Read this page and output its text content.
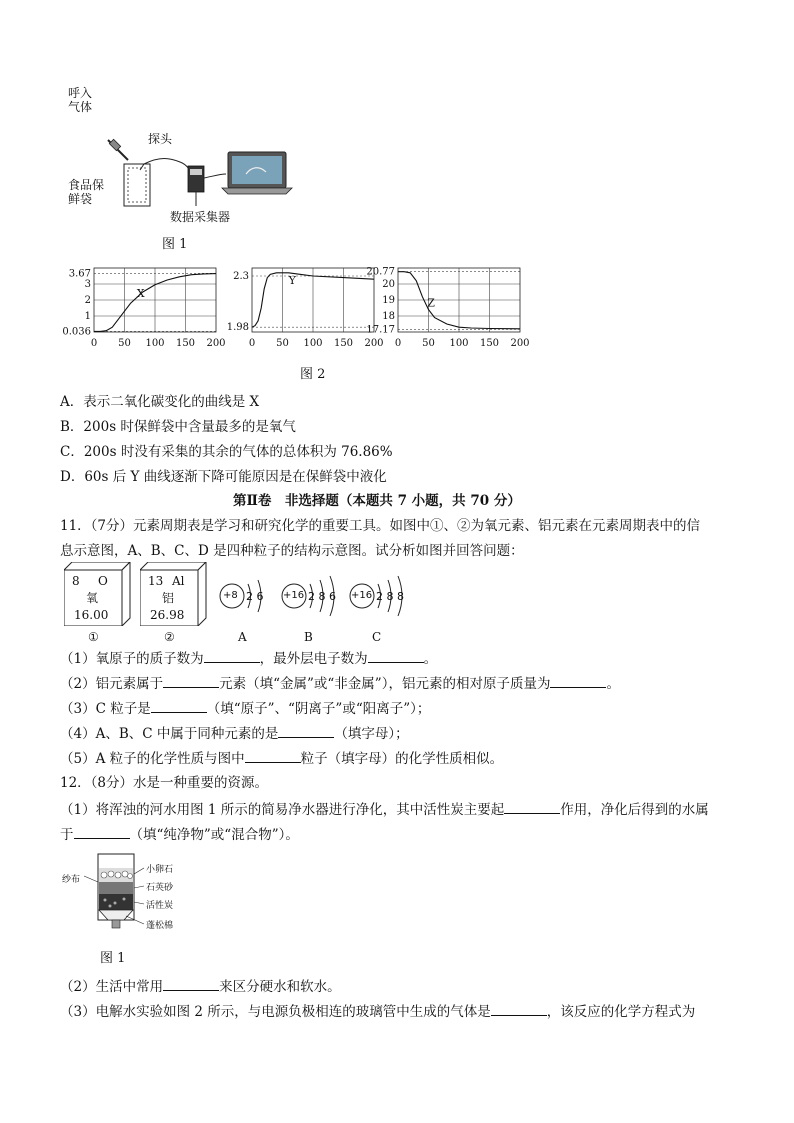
呼入气体
探头
食品保鲜袋
数据采集器
图 1
0.036
1
2
3
3.67
0 50 100 150 200
X
1.98
2.3
0 50 100 150 200
Y
17.17
18
19
20
20.77
0 50 100 150 200
Z
图 2
A．表示二氧化碳变化的曲线是 X
B．200s 时保鲜袋中含量最多的是氧气
C．200s 时没有采集的其余的气体的总体积为 76.86%
D．60s 后 Y 曲线逐渐下降可能原因是在保鲜袋中液化
第Ⅱ卷　非选择题（本题共 7 小题，共 70 分）
11．（7分）元素周期表是学习和研究化学的重要工具。如图中①、②为氧元素、铝元素在元素周期表中的信
息示意图，A、B、C、D 是四种粒子的结构示意图。试分析如图并回答问题：
8 O
氧
16.00
①
13 Al
铝
26.98
②
+8 2 6
A
+16 2 8 6
B
+16 2 8 8
C
（1）氧原子的质子数为	，最外层电子数为	。
（2）铝元素属于	元素（填“金属”或“非金属”），铝元素的相对原子质量为	。
（3）C 粒子是	（填“原子”、“阴离子”或“阳离子”）；
（4）A、B、C 中属于同种元素的是	（填字母）；
（5）A 粒子的化学性质与图中	粒子（填字母）的化学性质相似。
12．（8分）水是一种重要的资源。
（1）将浑浊的河水用图 1 所示的简易净水器进行净化，其中活性炭主要起	作用，净化后得到的水属
于	（填“纯净物”或“混合物”）。
纱布
小卵石
石英砂
活性炭
蓬松棉
图 1
（2）生活中常用	来区分硬水和软水。
（3）电解水实验如图 2 所示，与电源负极相连的玻璃管中生成的气体是	，该反应的化学方程式为
